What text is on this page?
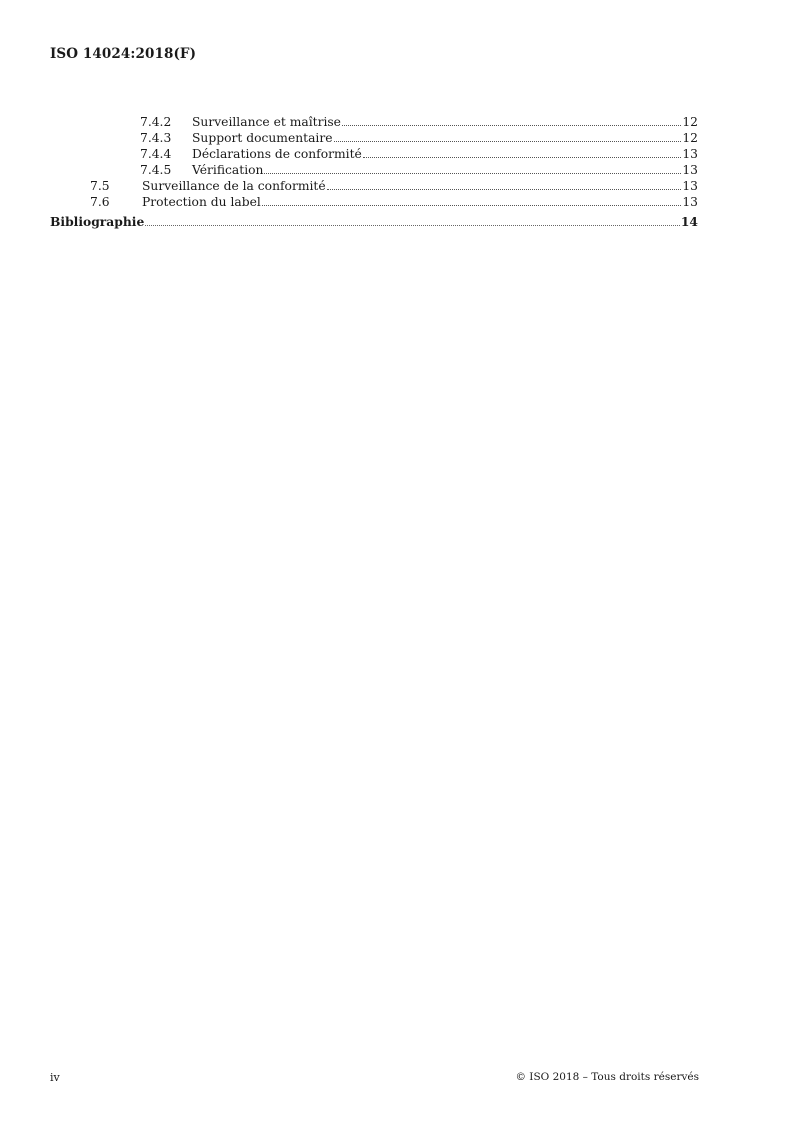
ISO 14024:2018(F)
7.4.2	Surveillance et maîtrise	12
7.4.3	Support documentaire	12
7.4.4	Déclarations de conformité	13
7.4.5	Vérification	13
7.5	Surveillance de la conformité	13
7.6	Protection du label	13
Bibliographie	14
iv	© ISO 2018 – Tous droits réservés
